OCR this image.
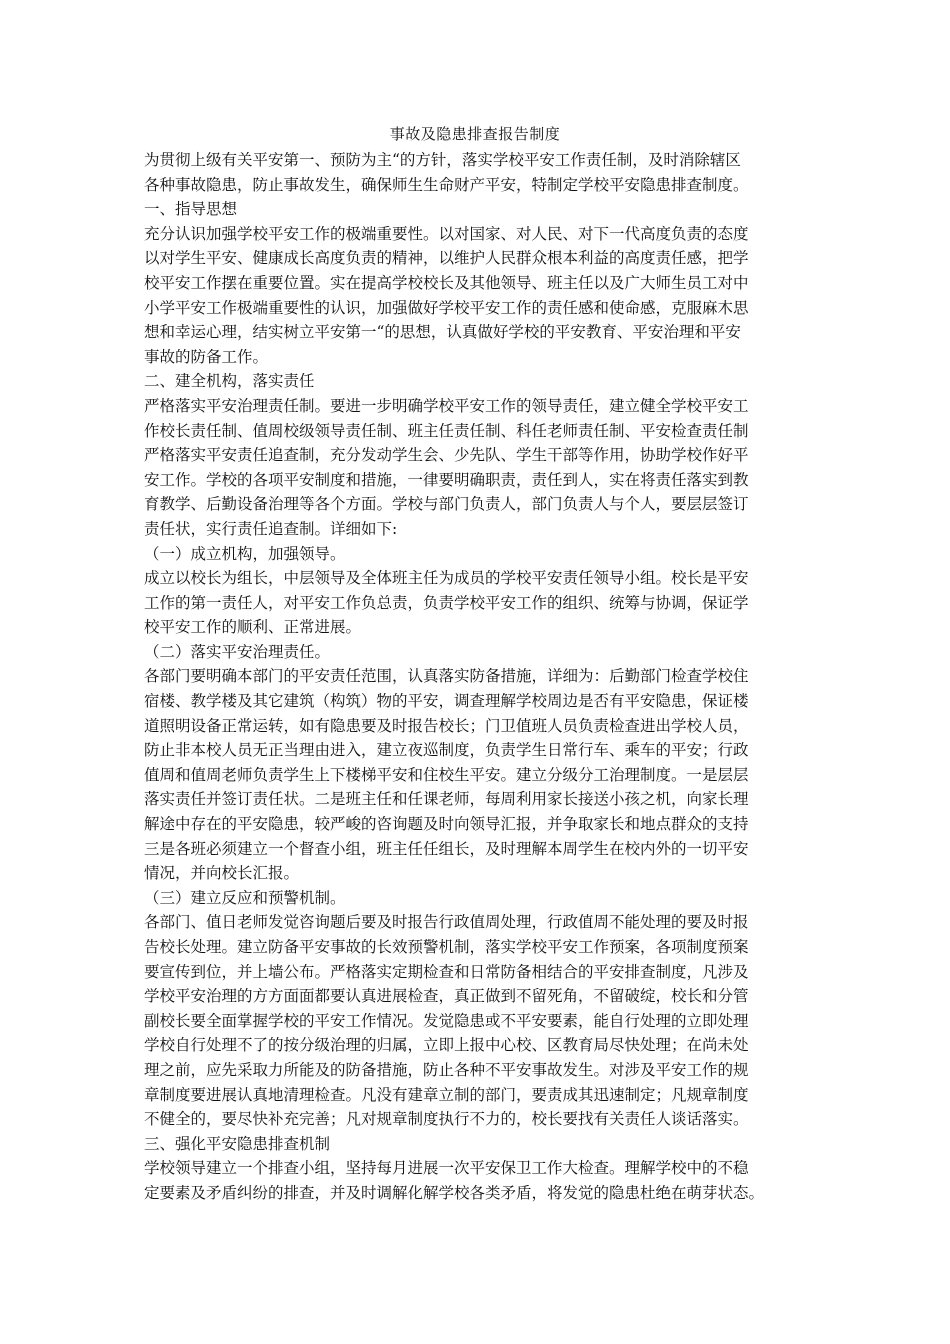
事故及隐患排查报告制度
为贯彻上级有关平安第一、预防为主“的方针，落实学校平安工作责任制，及时消除辖区
各种事故隐患，防止事故发生，确保师生生命财产平安，特制定学校平安隐患排查制度。
一、指导思想
充分认识加强学校平安工作的极端重要性。以对国家、对人民、对下一代高度负责的态度
以对学生平安、健康成长高度负责的精神，以维护人民群众根本利益的高度责任感，把学
校平安工作摆在重要位置。实在提高学校校长及其他领导、班主任以及广大师生员工对中
小学平安工作极端重要性的认识，加强做好学校平安工作的责任感和使命感，克服麻木思
想和幸运心理，结实树立平安第一“的思想，认真做好学校的平安教育、平安治理和平安
事故的防备工作。
二、建全机构，落实责任
严格落实平安治理责任制。要进一步明确学校平安工作的领导责任，建立健全学校平安工
作校长责任制、值周校级领导责任制、班主任责任制、科任老师责任制、平安检查责任制
严格落实平安责任追查制，充分发动学生会、少先队、学生干部等作用，协助学校作好平
安工作。学校的各项平安制度和措施，一律要明确职责，责任到人，实在将责任落实到教
育教学、后勤设备治理等各个方面。学校与部门负责人，部门负责人与个人，要层层签订
责任状，实行责任追查制。详细如下:
（一）成立机构，加强领导。
成立以校长为组长，中层领导及全体班主任为成员的学校平安责任领导小组。校长是平安
工作的第一责任人，对平安工作负总责，负责学校平安工作的组织、统筹与协调，保证学
校平安工作的顺利、正常进展。
（二）落实平安治理责任。
各部门要明确本部门的平安责任范围，认真落实防备措施，详细为：后勤部门检查学校住
宿楼、教学楼及其它建筑（构筑）物的平安，调查理解学校周边是否有平安隐患，保证楼
道照明设备正常运转，如有隐患要及时报告校长；门卫值班人员负责检查进出学校人员，
防止非本校人员无正当理由进入，建立夜巡制度，负责学生日常行车、乘车的平安；行政
值周和值周老师负责学生上下楼梯平安和住校生平安。建立分级分工治理制度。一是层层
落实责任并签订责任状。二是班主任和任课老师，每周利用家长接送小孩之机，向家长理
解途中存在的平安隐患，较严峻的咨询题及时向领导汇报，并争取家长和地点群众的支持
三是各班必须建立一个督查小组，班主任任组长，及时理解本周学生在校内外的一切平安
情况，并向校长汇报。
（三）建立反应和预警机制。
各部门、值日老师发觉咨询题后要及时报告行政值周处理，行政值周不能处理的要及时报
告校长处理。建立防备平安事故的长效预警机制，落实学校平安工作预案，各项制度预案
要宣传到位，并上墙公布。严格落实定期检查和日常防备相结合的平安排查制度，凡涉及
学校平安治理的方方面面都要认真进展检查，真正做到不留死角，不留破绽，校长和分管
副校长要全面掌握学校的平安工作情况。发觉隐患或不平安要素，能自行处理的立即处理
学校自行处理不了的按分级治理的归属，立即上报中心校、区教育局尽快处理；在尚未处
理之前，应先采取力所能及的防备措施，防止各种不平安事故发生。对涉及平安工作的规
章制度要进展认真地清理检查。凡没有建章立制的部门，要责成其迅速制定；凡规章制度
不健全的，要尽快补充完善；凡对规章制度执行不力的，校长要找有关责任人谈话落实。
三、强化平安隐患排查机制
学校领导建立一个排查小组，坚持每月进展一次平安保卫工作大检查。理解学校中的不稳
定要素及矛盾纠纷的排查，并及时调解化解学校各类矛盾，将发觉的隐患杜绝在萌芽状态。
